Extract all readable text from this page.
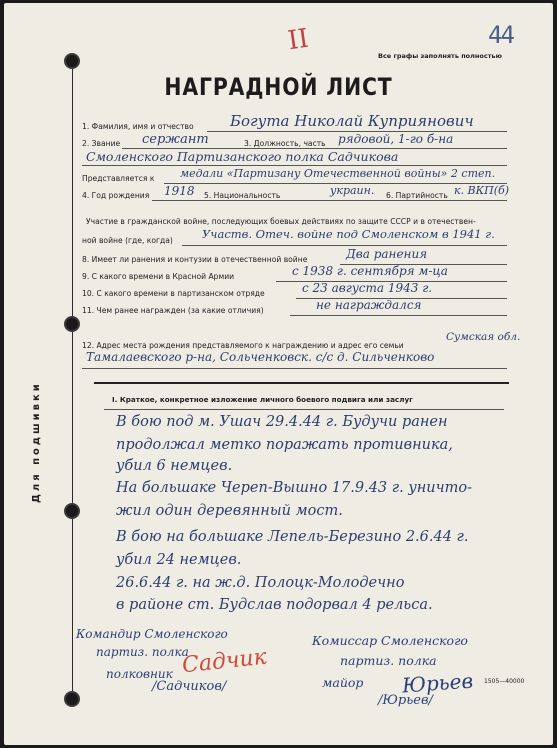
Для подшивки
44
II	Все графы заполнять полностью
НАГРАДНОЙ ЛИСТ
1. Фамилия, имя и отчество Богута Николай Куприянович
2. Звание сержант	3. Должность, часть рядовой, 1-го б-на
Смоленского Партизанского полка Садчикова
Представляется к медали «Партизану Отечественной войны» 2 степ.
4. Год рождения 1918 5. Национальность	украин. 6. Партийность к. ВКП(б)
Участие в гражданской войне, последующих боевых действиях по защите СССР и в отечествен-
ной войне (где, когда)	Участв. Отеч. войне под Смоленском в 1941 г.
8. Имеет ли ранения и контузии в отечественной войне	Два ранения
9. С какого времени в Красной Армии	с 1938 г. сентября м-ца
10. С какого времени в партизанском отряде	с 23 августа 1943 г.
11. Чем ранее награжден (за какие отличия)	не награждался
12. Адрес места рождения представляемого к награждению и адрес его семьи
Сумская обл.
Тамалаевского р-на, Сольченковск. с/с д. Сильченково
I. Краткое, конкретное изложение личного боевого подвига или заслуг
В бою под м. Ушач 29.4.44 г. Будучи ранен
продолжал метко поражать противника,
убил 6 немцев.
На большаке Череп-Вышно 17.9.43 г. уничто-
жил один деревянный мост.
В бою на большаке Лепель-Березино 2.6.44 г.
убил 24 немцев.
26.6.44 г. на ж.д. Полоцк-Молодечно
в районе ст. Будслав подорвал 4 рельса.
Командир Смоленского
партиз. полка
полковник
/Садчиков/
Садчик
Комиссар Смоленского
партиз. полка
майор
/Юрьев/
Юрьев 1505—40000
